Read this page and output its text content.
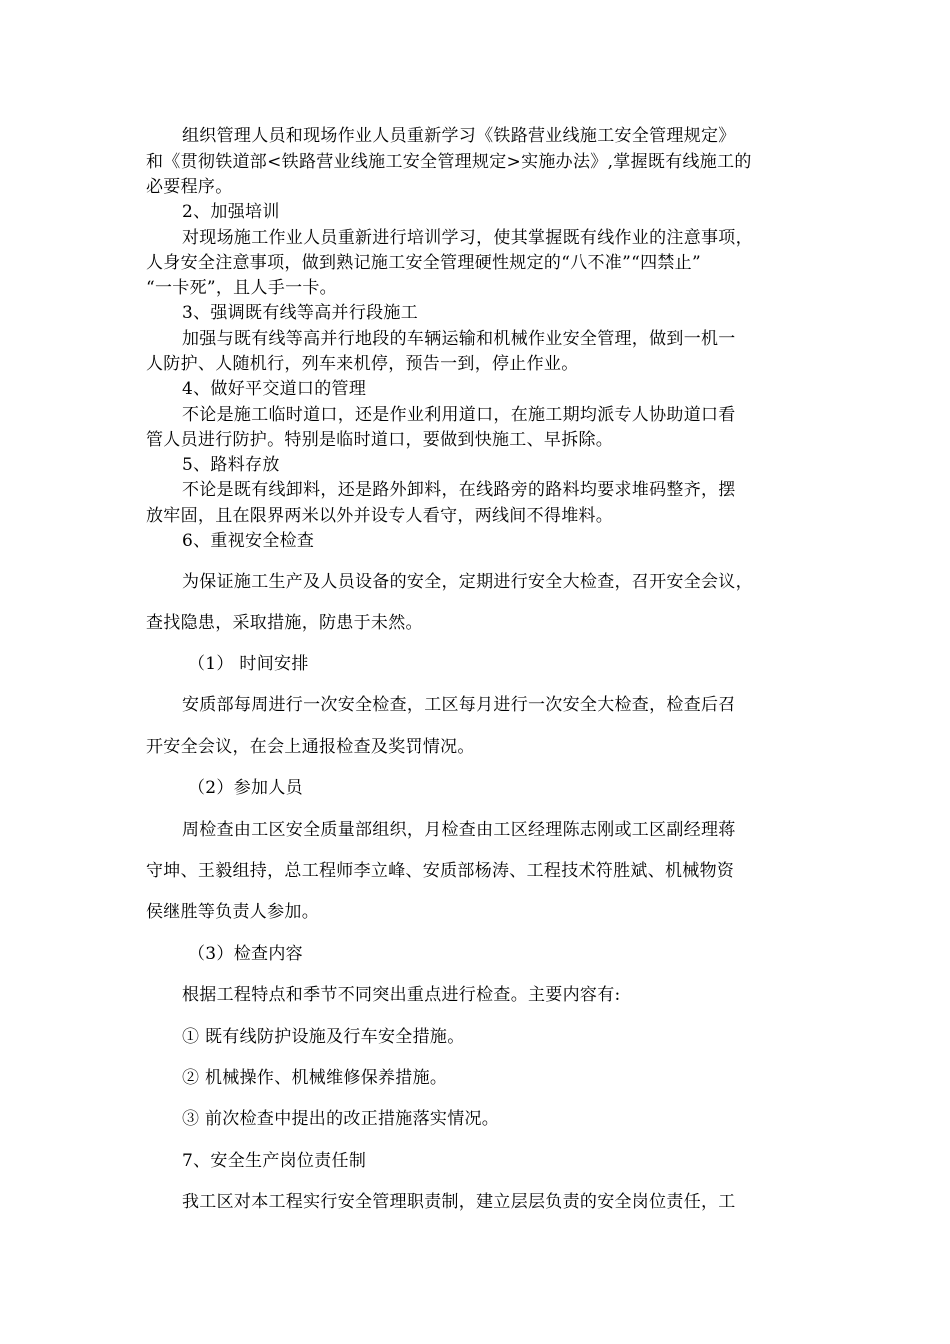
组织管理人员和现场作业人员重新学习《铁路营业线施工安全管理规定》
和《贯彻铁道部<铁路营业线施工安全管理规定>实施办法》,掌握既有线施工的
必要程序。
2、加强培训
对现场施工作业人员重新进行培训学习，使其掌握既有线作业的注意事项，
人身安全注意事项，做到熟记施工安全管理硬性规定的“八不准”“四禁止”
“一卡死”，且人手一卡。
3、强调既有线等高并行段施工
加强与既有线等高并行地段的车辆运输和机械作业安全管理，做到一机一
人防护、人随机行，列车来机停，预告一到，停止作业。
4、做好平交道口的管理
不论是施工临时道口，还是作业利用道口，在施工期均派专人协助道口看
管人员进行防护。特别是临时道口，要做到快施工、早拆除。
5、路料存放
不论是既有线卸料，还是路外卸料，在线路旁的路料均要求堆码整齐，摆
放牢固，且在限界两米以外并设专人看守，两线间不得堆料。
6、重视安全检查
为保证施工生产及人员设备的安全，定期进行安全大检查，召开安全会议，
查找隐患，采取措施，防患于未然。
（1） 时间安排
安质部每周进行一次安全检查，工区每月进行一次安全大检查，检查后召
开安全会议，在会上通报检查及奖罚情况。
（2）参加人员
周检查由工区安全质量部组织，月检查由工区经理陈志刚或工区副经理蒋
守坤、王毅组持，总工程师李立峰、安质部杨涛、工程技术符胜斌、机械物资
侯继胜等负责人参加。
（3）检查内容
根据工程特点和季节不同突出重点进行检查。主要内容有:
① 既有线防护设施及行车安全措施。
② 机械操作、机械维修保养措施。
③ 前次检查中提出的改正措施落实情况。
7、安全生产岗位责任制
我工区对本工程实行安全管理职责制，建立层层负责的安全岗位责任，工
